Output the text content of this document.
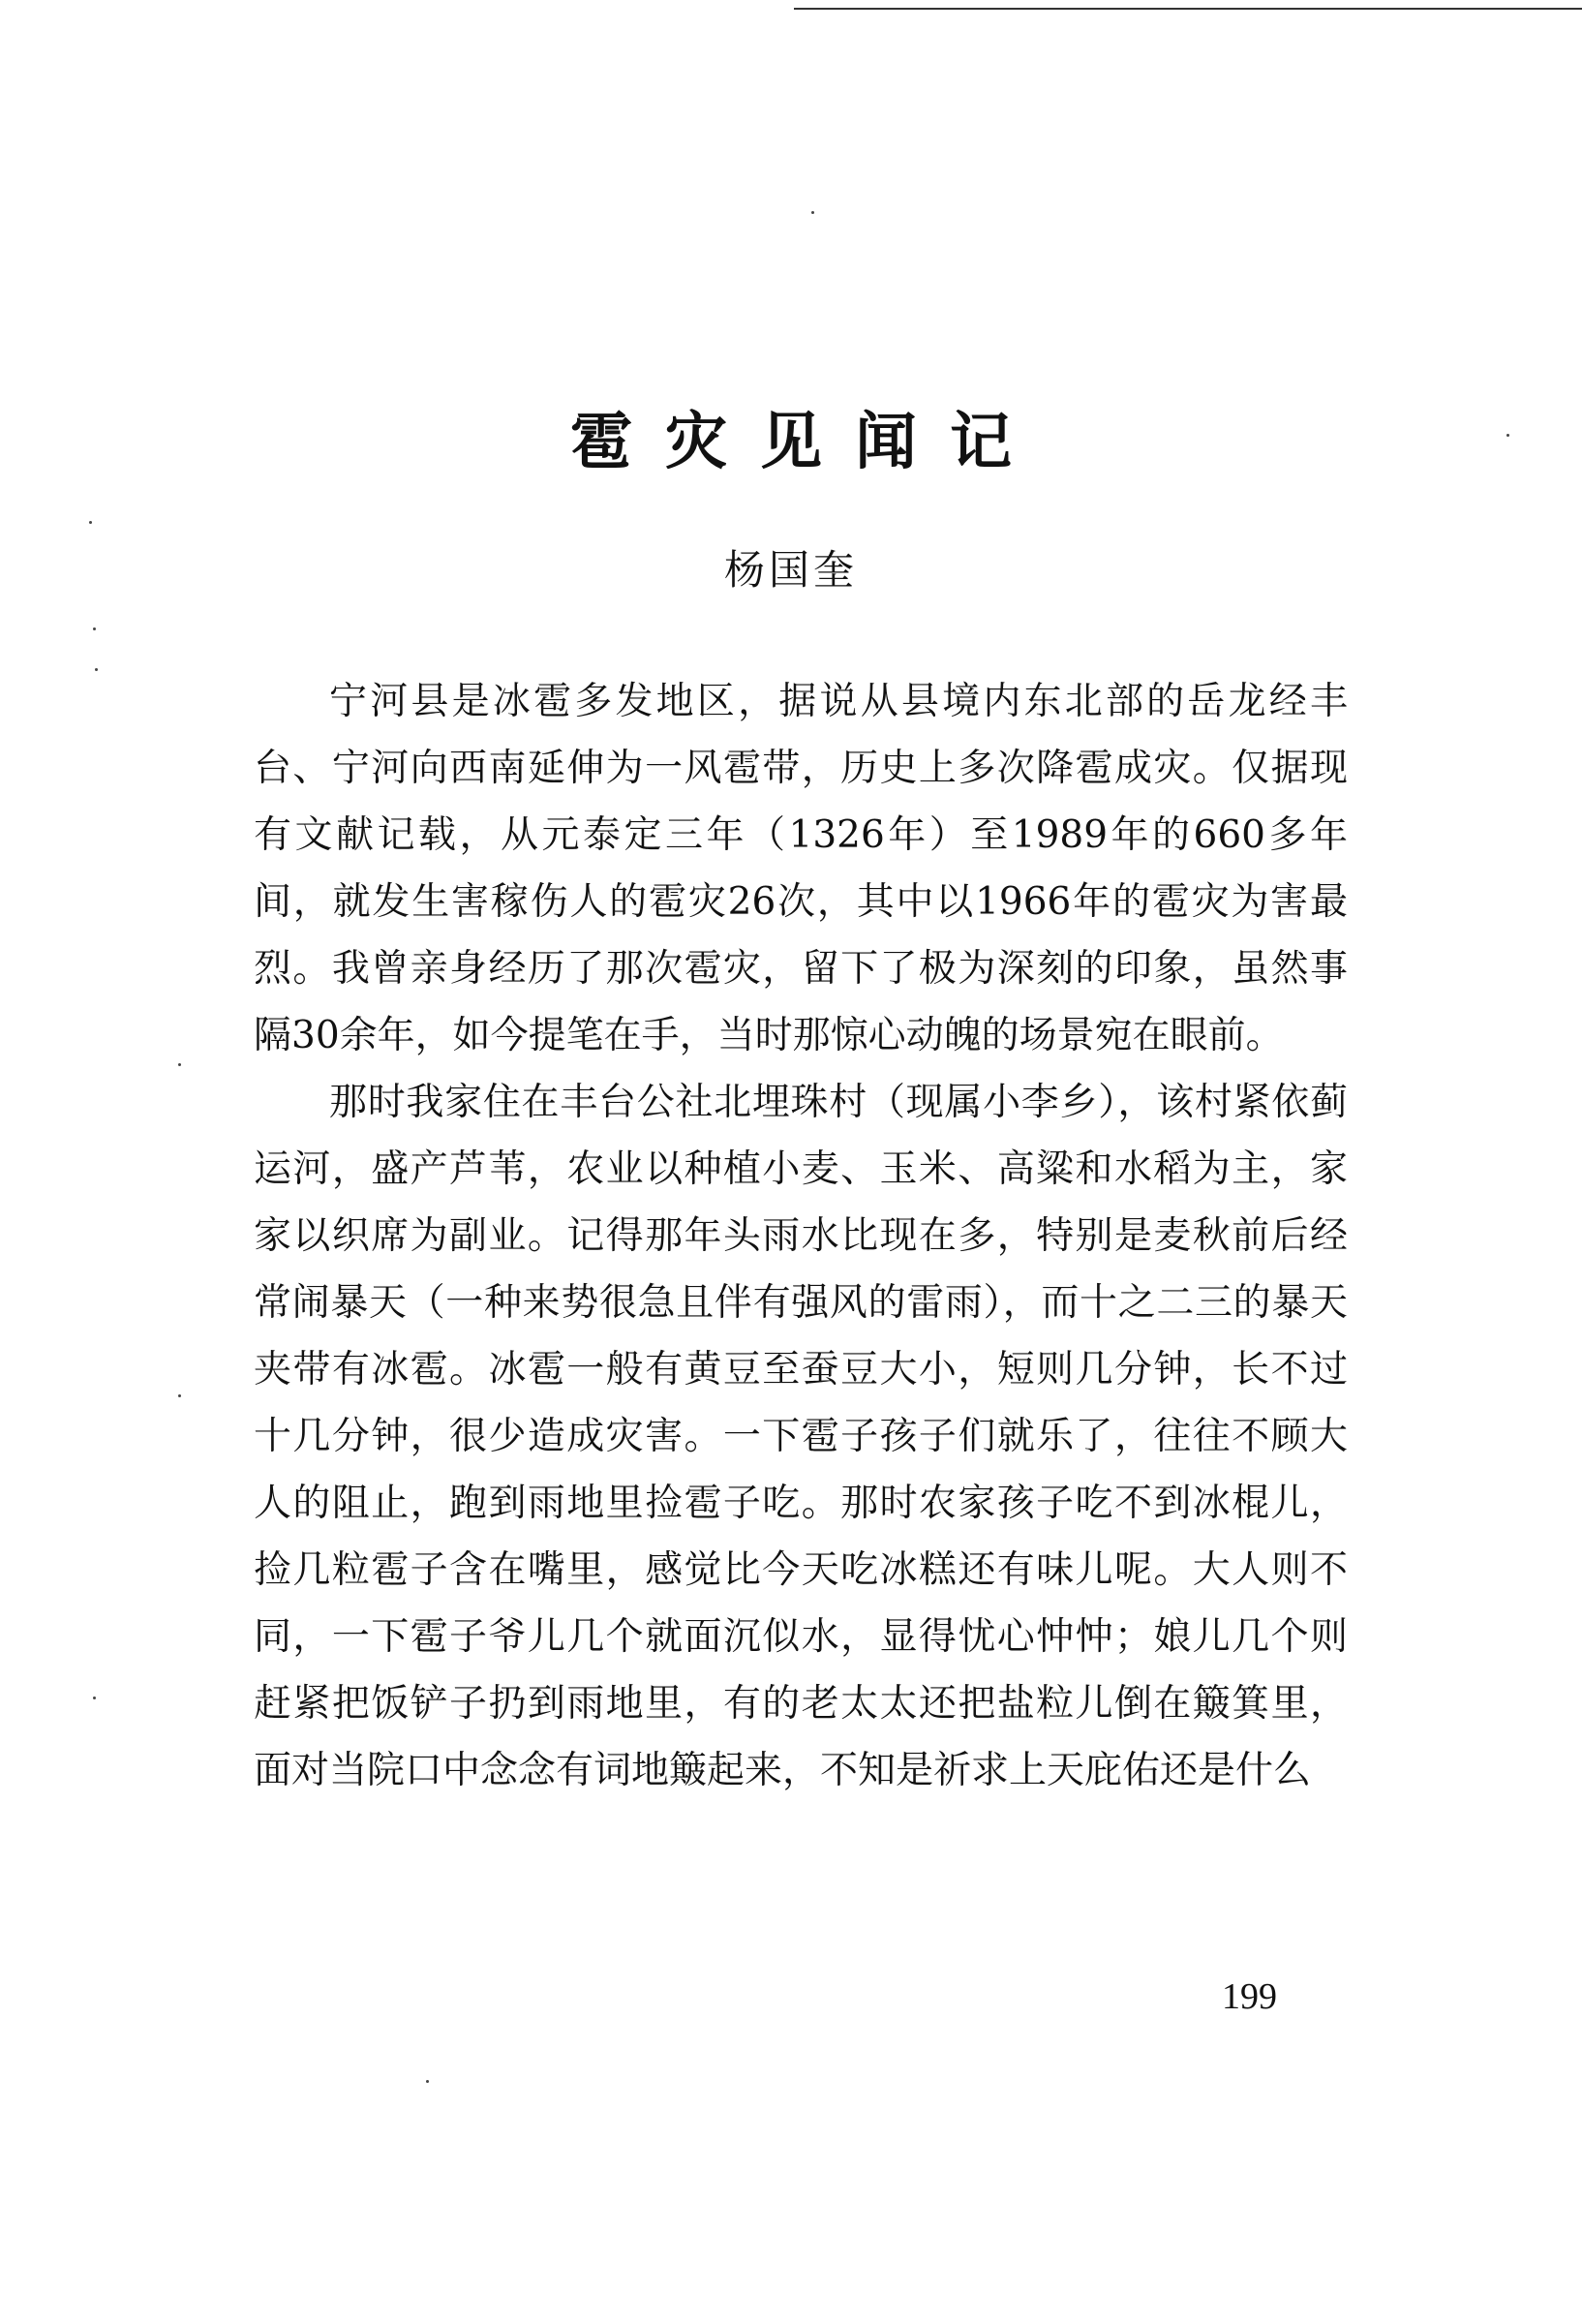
雹灾见闻记
杨国奎

宁河县是冰雹多发地区，据说从县境内东北部的岳龙经丰台、宁河向西南延伸为一风雹带，历史上多次降雹成灾。仅据现有文献记载，从元泰定三年（1326年）至1989年的660多年间，就发生害稼伤人的雹灾26次，其中以1966年的雹灾为害最烈。我曾亲身经历了那次雹灾，留下了极为深刻的印象，虽然事隔30余年，如今提笔在手，当时那惊心动魄的场景宛在眼前。

那时我家住在丰台公社北埋珠村（现属小李乡），该村紧依蓟运河，盛产芦苇，农业以种植小麦、玉米、高粱和水稻为主，家家以织席为副业。记得那年头雨水比现在多，特别是麦秋前后经常闹暴天（一种来势很急且伴有强风的雷雨），而十之二三的暴天夹带有冰雹。冰雹一般有黄豆至蚕豆大小，短则几分钟，长不过十几分钟，很少造成灾害。一下雹子孩子们就乐了，往往不顾大人的阻止，跑到雨地里捡雹子吃。那时农家孩子吃不到冰棍儿，捡几粒雹子含在嘴里，感觉比今天吃冰糕还有味儿呢。大人则不同，一下雹子爷儿几个就面沉似水，显得忧心忡忡；娘儿几个则赶紧把饭铲子扔到雨地里，有的老太太还把盐粒儿倒在簸箕里，面对当院口中念念有词地簸起来，不知是祈求上天庇佑还是什么

199
